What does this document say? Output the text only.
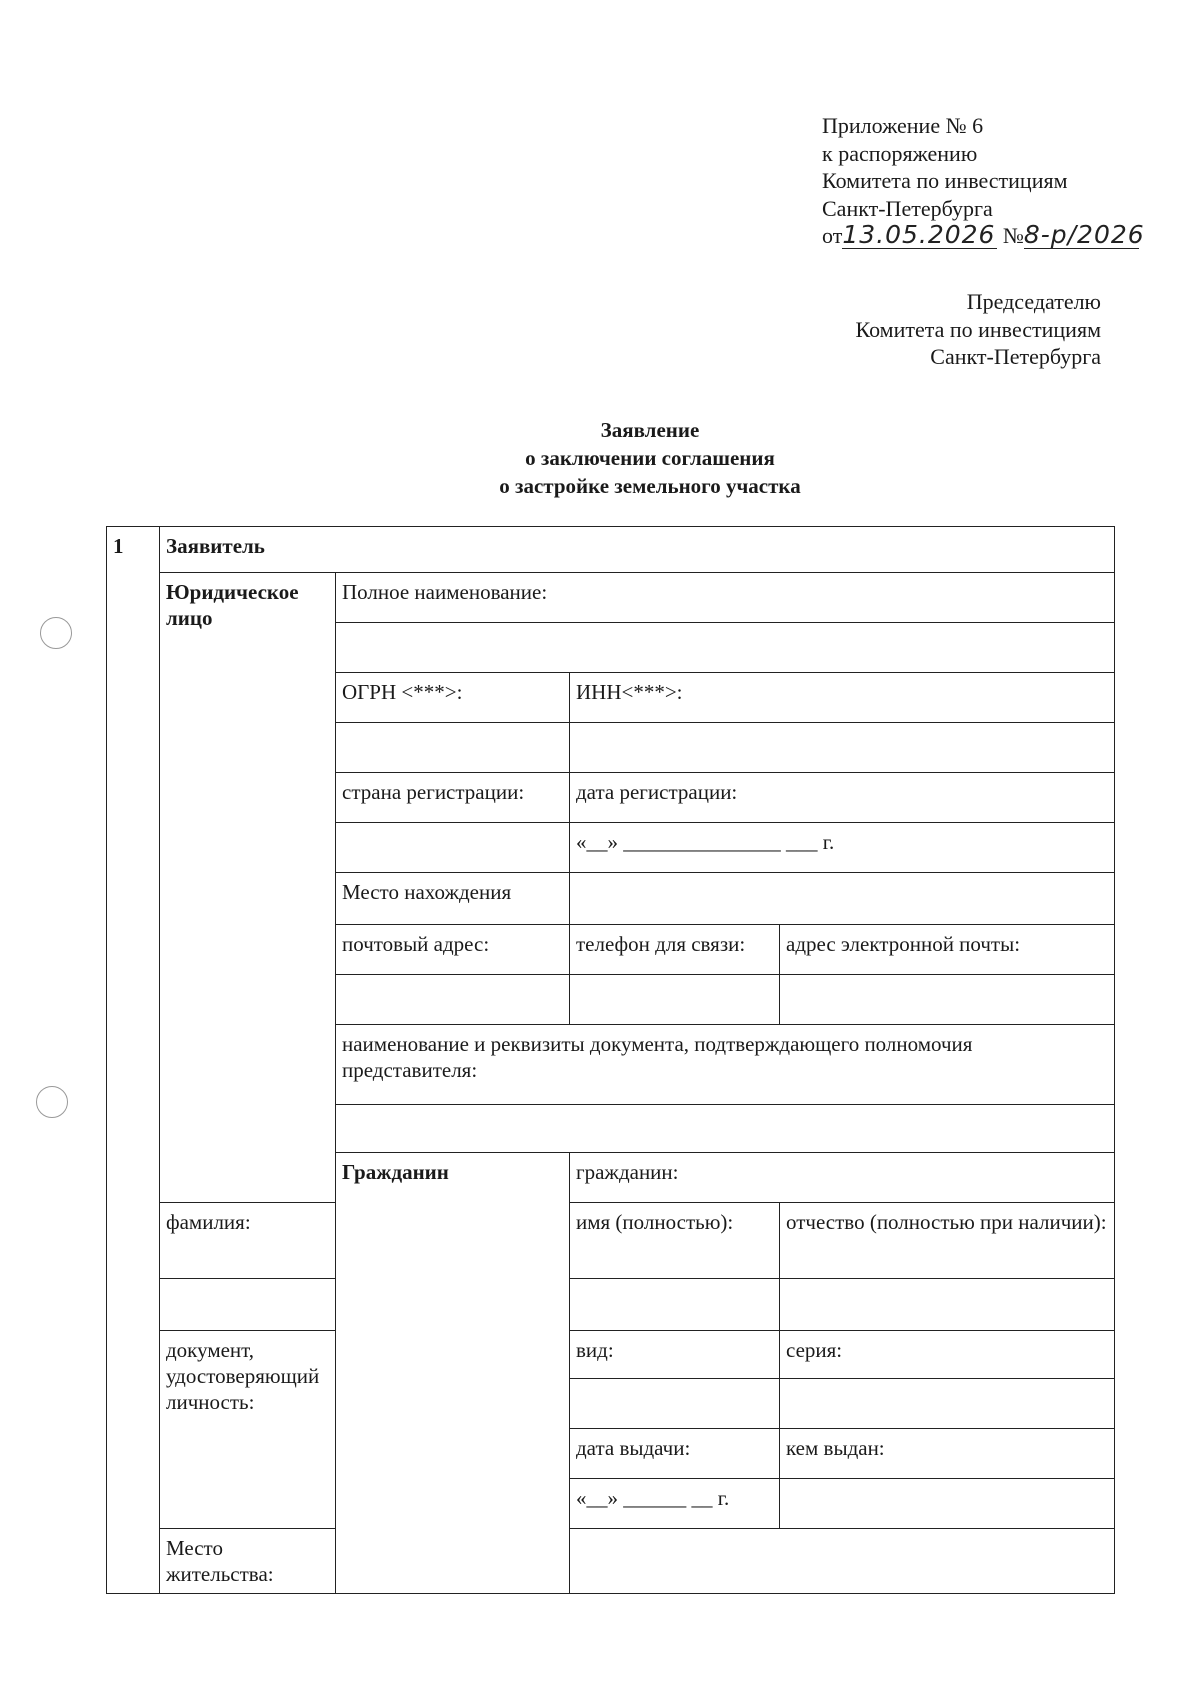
Приложение № 6
к распоряжению
Комитета по инвестициям
Санкт-Петербурга
от13.05.2026 №8-р/2026
Председателю
Комитета по инвестициям
Санкт-Петербурга
Заявление
о заключении соглашения
о застройке земельного участка
1	Заявитель			
	Юридическое лицо	Полное наименование:		

		ОГРН <***>:	ИНН<***>:	

		страна регистрации:	дата регистрации:	
			«__» _______________ ___ г.	
		Место нахождения		
		почтовый адрес:	телефон для связи:	адрес электронной почты:

		наименование и реквизиты документа, подтверждающего полномочия представителя:		

		Гражданин	гражданин:	
	фамилия:		имя (полностью):	отчество (полностью при наличии):

	документ, удостоверяющий личность:		вид:	серия:

			дата выдачи:	кем выдан:
			«__» ______ __ г.	
	Место жительства:			
